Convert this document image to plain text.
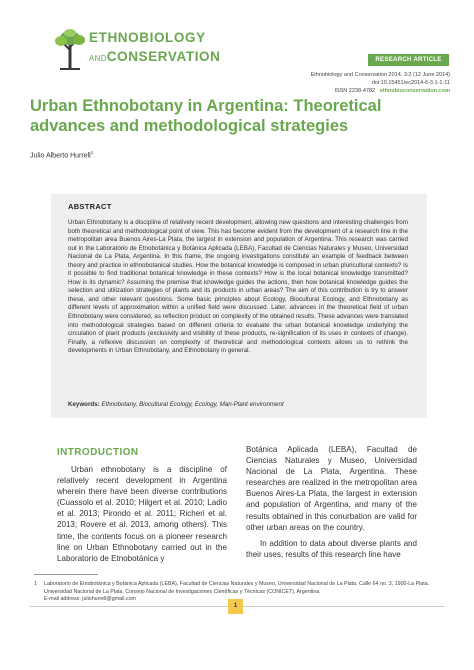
ETHNOBIOLOGY
ANDCONSERVATION	RESEARCH ARTICLE
Ethnobiology and Conservation 2014, 3:2 (12 June 2014)
doi:10.15451/ec2014-6-3.1-1-11
ISSN 2238-4782 ethnobioconservation.com
Urban Ethnobotany in Argentina: Theoretical advances and methodological strategies
Julio Alberto Hurrell$^1$
ABSTRACT

Urban Ethnobotany is a discipline of relatively recent development, allowing new questions and interesting challenges from both theoretical and methodological point of view. This has become evident from the development of a research line in the metropolitan area Buenos Aires-La Plata, the largest in extension and population of Argentina. This research was carried out in the Laboratorio de Etnobotánica y Botánica Aplicada (LEBA), Facultad de Ciencias Naturales y Museo, Universidad Nacional de La Plata, Argentina. In this frame, the ongoing investigations constitute an example of feedback between theory and practice in ethnobotanical studies. How the botanical knowledge is composed in urban pluricultural contexts? Is it possible to find traditional botanical knowledge in these contexts? How is the local botanical knowledge transmitted? How is its dynamic? Assuming the premise that knowledge guides the actions, then how botanical knowledge guides the selection and utilization strategies of plants and its products in urban areas? The aim of this contribution is try to answer these, and other relevant questions. Some basic principles about Ecology, Biocultural Ecology, and Ethnobotany as different levels of approximation within a unified field were discussed. Later, advances in the theoretical field of urban Ethnobotany were considered, as reflection product on complexity of the obtained results. These advances were translated into methodological strategies based on different criteria to evaluate the urban botanical knowledge underlying the circulation of plant products (exclusivity and visibility of these products, re-signification of its uses in contexts of change). Finally, a reflexive discussion on complexity of theoretical and methodological contexts allows us to rethink the developments in Urban Ethnobotany, and Ethnobotany in general.

Keywords: Ethnobotany, Biocultural Ecology, Ecology, Man-Plant environment
INTRODUCTION

Urban ethnobotany is a discipline of relatively recent development in Argentina wherein there have been diverse contributions (Cuassolo et al. 2010; Hilgert et al. 2010; Ladio et al. 2013; Pirondo et al. 2011; Richeri et al. 2013; Rovere et al. 2013, among others). This time, the contents focus on a pioneer research line on Urban Ethnobotany carried out in the Laboratorio de Etnobotánica y

Botánica Aplicada (LEBA), Facultad de Ciencias Naturales y Museo, Universidad Nacional de La Plata, Argentina. These researches are realized in the metropolitan area Buenos Aires-La Plata, the largest in extension and population of Argentina, and many of the results obtained in this conurbation are valid for other urban areas on the country.

In addition to data about diverse plants and their uses, results of this research line have

1 Laboratorio de Etnobotánica y Botánica Aplicada (LEBA), Facultad de Ciencias Naturales y Museo, Universidad Nacional de La Plata. Calle 64 no. 3, 1900-La Plata. Universidad Nacional de La Plata. Consejo Nacional de Investigaciones Científicas y Técnicas (CONICET), Argentina.
E-mail address: juliohurrell@gmail.com
1
